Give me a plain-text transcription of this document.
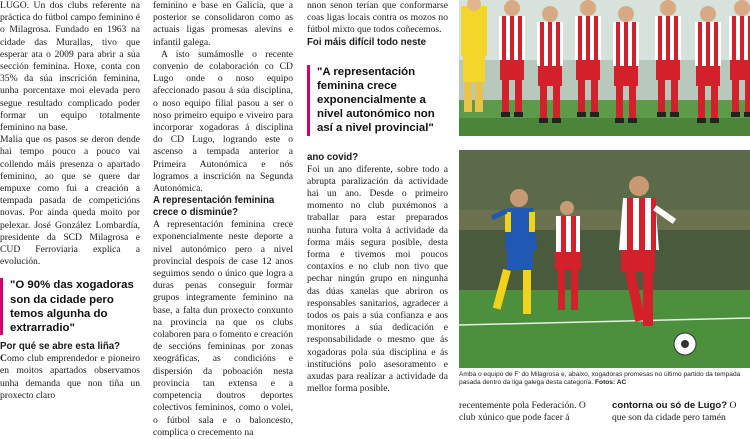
LUGO. Un dos clubs referente na práctica do fútbol campo feminino é o Milagrosa. Fundado en 1963 na cidade das Murallas, tivo que esperar ata o 2009 para abrir a súa sección feminina. Hoxe, conta con 35% da súa inscrición feminina, unha porcentaxe moi elevada pero segue resultado complicado poder formar un equipo totalmente feminino na base.

Malia que os pasos se deron dende hai tempo pouco a pouco vai collendo máis presenza o apartado feminino, ao que se quere dar empuxe como fui a creación a tempada pasada de competicións novas. Por ainda queda moito por pelexar. José González Lombardía, presidente da SCD Milagrosa e CUD Ferroviaria explica a evolución.

"O 90% das xogadoras son da cidade pero temos algunha do extrarradio"

Por qué se abre esta liña?

Como club emprendedor e pioneiro en moitos apartados observamos unha demanda que non tiña un proxecto claro

feminino e base en Galicia, que a posterior se consolidaron como as actuais ligas promesas alevíns e infantil galega.

A isto sumámoslle o recente convenio de colaboración co CD Lugo onde o noso equipo afeccionado pasou á súa disciplina, o noso equipo filial pasou a ser o noso primeiro equipo e viveiro para incorporar xogadoras á disciplina do CD Lugo, logrando este o ascenso a tempada anterior a Primeira Autonómica e nós logramos a inscrición na Segunda Autonómica.

A representación feminina crece o disminúe?

A representación feminina crece exponencialmente neste deporte a nivel autonómico pero a nivel provincial despois de case 12 anos seguimos sendo o único que logra a duras penas conseguir formar grupos integramente feminino na base, a falta dun proxecto conxunto na provincia na que os clubs colaboren para o fomento e creación de seccións femininas por zonas xeográficas, as condicións e dispersión da poboación nesta provincia tan extensa e a competencia doutros deportes colectivos femininos, como o volei, o fútbol sala e o baloncesto, complica o crecemento na

nnon senon terían que conformarse coas ligas locais contra os mozos no fútbol mixto que todos coñecemos.

Foi máis difícil todo neste

"A representación feminina crece exponencialmente a nivel autonómico non así a nivel provincial"

ano covid?

Foi un ano diferente, sobre todo a abrupta paralización da actividade hai un ano. Desde o primeiro momento no club puxémonos a traballar para estar preparados nunha futura volta á actividade da forma máis segura posible, desta forma e tivemos moi poucos contaxios e no club non tivo que pechar ningún grupo en ningunha das dúas xanelas que abriron os responsables sanitarios, agradecer a todos os pais a súa confianza e aos monitores a súa dedicación e responsabilidade o mesmo que ás xogadoras pola súa disciplina e ás institucións polo asesoramento e axudas para realizar a actividade da mellor forma posible.

recentemente pola Federación. O club xúnico que pode facer á
contorna ou só de Lugo? O que son da cidade pero tamén
Amba o equipo de F' do Milagrosa e, abaixo, xogadoras promesas no último partido da tempada pasada dentro da liga galega desta categoría. Fotos: AC
